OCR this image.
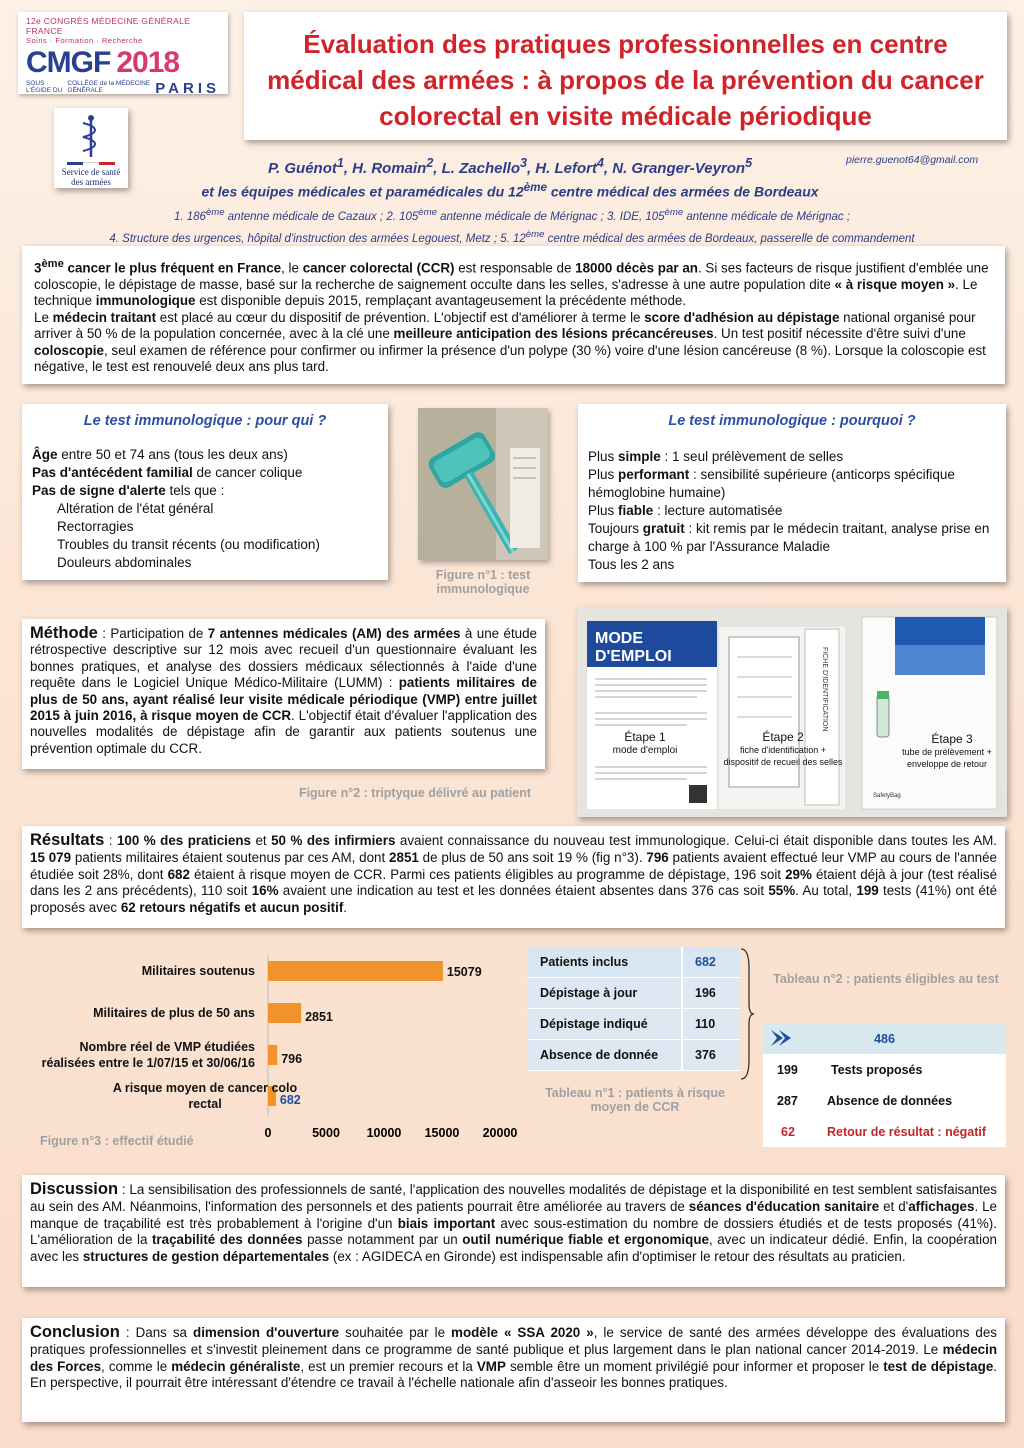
12e CONGRÈS MÉDECINE GÉNÉRALE FRANCE
Soins · Formation · Recherche
CMGF 2018
SOUS L'ÉGIDE DU
COLLÈGE de la MÉDECINE GÉNÉRALE	PARIS
Évaluation des pratiques professionnelles en centre médical des armées : à propos de la prévention du cancer colorectal en visite médicale périodique
Service de santé des armées
P. Guénot$^1$, H. Romain$^2$, L. Zachello$^3$, H. Lefort$^4$, N. Granger-Veyron$^5$
et les équipes médicales et paramédicales du 12ème centre médical des armées de Bordeaux
pierre.guenot64@gmail.com
1. 186ème antenne médicale de Cazaux ; 2. 105ème antenne médicale de Mérignac ; 3. IDE, 105ème antenne médicale de Mérignac ;
4. Structure des urgences, hôpital d'instruction des armées Legouest, Metz ; 5. 12ème centre médical des armées de Bordeaux, passerelle de commandement

3ème cancer le plus fréquent en France, le cancer colorectal (CCR) est responsable de 18000 décès par an. Si ses facteurs de risque justifient d'emblée une coloscopie, le dépistage de masse, basé sur la recherche de saignement occulte dans les selles, s'adresse à une autre population dite « à risque moyen ». Le technique immunologique est disponible depuis 2015, remplaçant avantageusement la précédente méthode.

Le médecin traitant est placé au cœur du dispositif de prévention. L'objectif est d'améliorer à terme le score d'adhésion au dépistage national organisé pour arriver à 50 % de la population concernée, avec à la clé une meilleure anticipation des lésions précancéreuses. Un test positif nécessite d'être suivi d'une coloscopie, seul examen de référence pour confirmer ou infirmer la présence d'un polype (30 %) voire d'une lésion cancéreuse (8 %). Lorsque la coloscopie est négative, le test est renouvelé deux ans plus tard.

Le test immunologique : pour qui ?
Âge entre 50 et 74 ans (tous les deux ans)
Pas d'antécédent familial de cancer colique
Pas de signe d'alerte tels que :
Altération de l'état général
Rectorragies
Troubles du transit récents (ou modification)
Douleurs abdominales
Figure n°1 : test immunologique
Le test immunologique : pourquoi ?
Plus simple : 1 seul prélèvement de selles
Plus performant : sensibilité supérieure (anticorps spécifique hémoglobine humaine)
Plus fiable : lecture automatisée
Toujours gratuit : kit remis par le médecin traitant, analyse prise en charge à 100 % par l'Assurance Maladie
Tous les 2 ans
Méthode : Participation de 7 antennes médicales (AM) des armées à une étude rétrospective descriptive sur 12 mois avec recueil d'un questionnaire évaluant les bonnes pratiques, et analyse des dossiers médicaux sélectionnés à l'aide d'une requête dans le Logiciel Unique Médico-Militaire (LUMM) : patients militaires de plus de 50 ans, ayant réalisé leur visite médicale périodique (VMP) entre juillet 2015 à juin 2016, à risque moyen de CCR. L'objectif était d'évaluer l'application des nouvelles modalités de dépistage afin de garantir aux patients soutenus une prévention optimale du CCR.
MODE
D'EMPLOI	FICHE D'IDENTIFICATION
SafetyBag
Étape 1
mode d'emploi
Étape 2
fiche d'identification +
dispositif de recueil des selles
Étape 3
tube de prélèvement +
enveloppe de retour
Figure n°2 : triptyque délivré au patient
Résultats : 100 % des praticiens et 50 % des infirmiers avaient connaissance du nouveau test immunologique. Celui-ci était disponible dans toutes les AM. 15 079 patients militaires étaient soutenus par ces AM, dont 2851 de plus de 50 ans soit 19 % (fig n°3). 796 patients avaient effectué leur VMP au cours de l'année étudiée soit 28%, dont 682 étaient à risque moyen de CCR. Parmi ces patients éligibles au programme de dépistage, 196 soit 29% étaient déjà à jour (test réalisé dans les 2 ans précédents), 110 soit 16% avaient une indication au test et les données étaient absentes dans 376 cas soit 55%. Au total, 199 tests (41%) ont été proposés avec 62 retours négatifs et aucun positif.
Militaires soutenus	15079
Militaires de plus de 50 ans	2851
Nombre réel de VMP étudiées réalisées entre le 1/07/15 et 30/06/16 796
A risque moyen de cancer colo rectal	682
0	5000 10000 15000 20000
Figure n°3 : effectif étudié
Patients inclus	682
Dépistage à jour	196
Dépistage indiqué	110
Absence de donnée	376
Tableau n°1 : patients à risque moyen de CCR
Tableau n°2 : patients éligibles au test
486
199	Tests proposés
287	Absence de données
62	Retour de résultat : négatif
Discussion : La sensibilisation des professionnels de santé, l'application des nouvelles modalités de dépistage et la disponibilité en test semblent satisfaisantes au sein des AM. Néanmoins, l'information des personnels et des patients pourrait être améliorée au travers de séances d'éducation sanitaire et d'affichages. Le manque de traçabilité est très probablement à l'origine d'un biais important avec sous-estimation du nombre de dossiers étudiés et de tests proposés (41%). L'amélioration de la traçabilité des données passe notamment par un outil numérique fiable et ergonomique, avec un indicateur dédié. Enfin, la coopération avec les structures de gestion départementales (ex : AGIDECA en Gironde) est indispensable afin d'optimiser le retour des résultats au praticien.
Conclusion : Dans sa dimension d'ouverture souhaitée par le modèle « SSA 2020 », le service de santé des armées développe des évaluations des pratiques professionnelles et s'investit pleinement dans ce programme de santé publique et plus largement dans le plan national cancer 2014-2019. Le médecin des Forces, comme le médecin généraliste, est un premier recours et la VMP semble être un moment privilégié pour informer et proposer le test de dépistage. En perspective, il pourrait être intéressant d'étendre ce travail à l'échelle nationale afin d'asseoir les bonnes pratiques.
